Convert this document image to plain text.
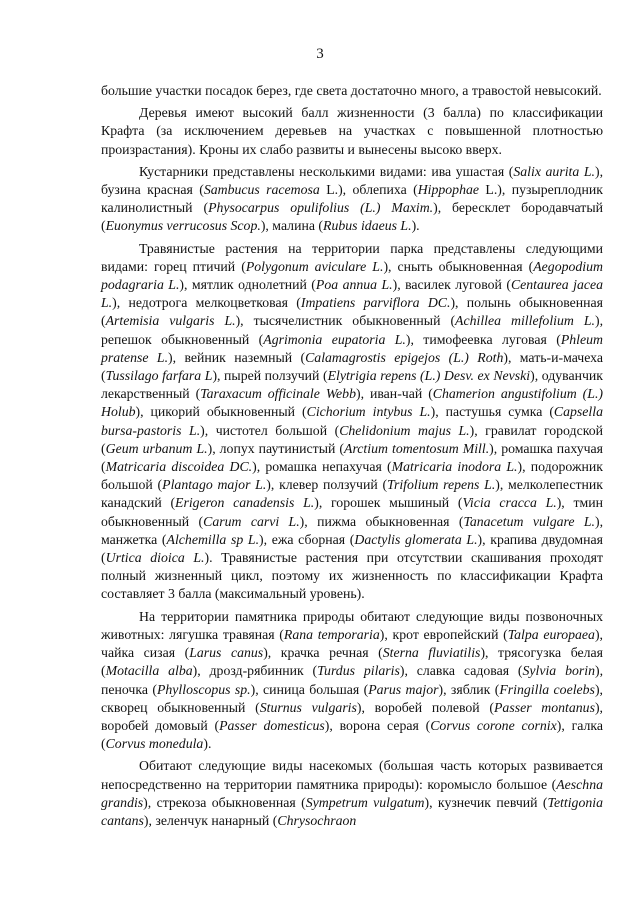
3

большие участки посадок берез, где света достаточно много, а травостой невысокий.

Деревья имеют высокий балл жизненности (3 балла) по классификации Крафта (за исключением деревьев на участках с повышенной плотностью произрастания). Кроны их слабо развиты и вынесены высоко вверх.

Кустарники представлены несколькими видами: ива ушастая (Salix aurita L.), бузина красная (Sambucus racemosa L.), облепиха (Hippophae L.), пузыреплодник калинолистный (Physocarpus opulifolius (L.) Maxim.), бересклет бородавчатый (Euonymus verrucosus Scop.), малина (Rubus idaeus L.).

Травянистые растения на территории парка представлены следующими видами: горец птичий (Polygonum aviculare L.), сныть обыкновенная (Aegopodium podagraria L.), мятлик однолетний (Poa annua L.), василек луговой (Centaurea jacea L.), недотрога мелкоцветковая (Impatiens parviflora DC.), полынь обыкновенная (Artemisia vulgaris L.), тысячелистник обыкновенный (Achillea millefolium L.), репешок обыкновенный (Agrimonia eupatoria L.), тимофеевка луговая (Phleum pratense L.), вейник наземный (Calamagrostis epigejos (L.) Roth), мать-и-мачеха (Tussilago farfara L), пырей ползучий (Elytrigia repens (L.) Desv. ex Nevski), одуванчик лекарственный (Taraxacum officinale Webb), иван-чай (Chamerion angustifolium (L.) Holub), цикорий обыкновенный (Cichorium intybus L.), пастушья сумка (Capsella bursa-pastoris L.), чистотел большой (Chelidonium majus L.), гравилат городской (Geum urbanum L.), лопух паутинистый (Arctium tomentosum Mill.), ромашка пахучая (Matricaria discoidea DC.), ромашка непахучая (Matricaria inodora L.), подорожник большой (Plantago major L.), клевер ползучий (Trifolium repens L.), мелколепестник канадский (Erigeron canadensis L.), горошек мышиный (Vicia cracca L.), тмин обыкновенный (Carum carvi L.), пижма обыкновенная (Tanacetum vulgare L.), манжетка (Alchemilla sp L.), ежа сборная (Dactylis glomerata L.), крапива двудомная (Urtica dioica L.). Травянистые растения при отсутствии скашивания проходят полный жизненный цикл, поэтому их жизненность по классификации Крафта составляет 3 балла (максимальный уровень).

На территории памятника природы обитают следующие виды позвоночных животных: лягушка травяная (Rana temporaria), крот европейский (Talpa europaea), чайка сизая (Larus canus), крачка речная (Sterna fluviatilis), трясогузка белая (Motacilla alba), дрозд-рябинник (Turdus pilaris), славка садовая (Sylvia borin), пеночка (Phylloscopus sp.), синица большая (Parus major), зяблик (Fringilla coelebs), скворец обыкновенный (Sturnus vulgaris), воробей полевой (Passer montanus), воробей домовый (Passer domesticus), ворона серая (Corvus corone cornix), галка (Corvus monedula).

Обитают следующие виды насекомых (большая часть которых развивается непосредственно на территории памятника природы): коромысло большое (Aeschna grandis), стрекоза обыкновенная (Sympetrum vulgatum), кузнечик певчий (Tettigonia cantans), зеленчук нанарный (Chrysochraon
